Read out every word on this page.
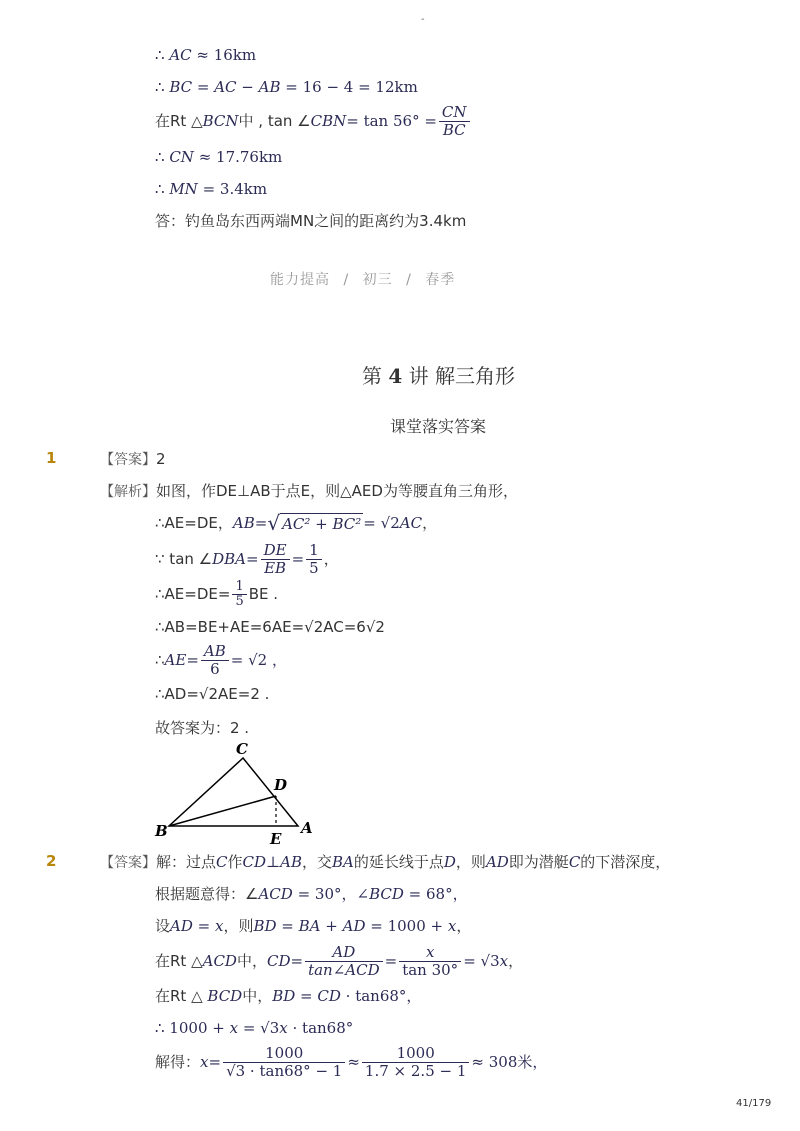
-
∴ AC ≈ 16km
∴ BC = AC − AB = 16 − 4 = 12km
在Rt △ BCN 中 , tan ∠ CBN = $\tan 56^\circ = \frac{CN}{BC}$
∴ CN ≈ 17.76km
∴ MN = 3.4km
答：钓鱼岛东西两端MN之间的距离约为3.4km
能力提高 / 初三 / 春季
第 4 讲 解三角形
课堂落实答案
1	【答案】2
【解析】如图，作DE⊥AB于点E，则△AED为等腰直角三角形，
∴AE=DE， AB = √ AC² + BC² = √2 AC ，
∵ tan ∠ DBA = $\frac{DE}{EB} = \frac{1}{5}$ ，
∴AE=DE= $\frac{1}{5}$ BE .
∴AB=BE+AE=6AE=√2AC=6√2
∴ AE = $\frac{AB}{6} = √2$ ，
∴AD=√2AE=2 .
故答案为：2 .
C
D
B	E
A
2	【答案】解：过点C作CD⊥AB，交BA的延长线于点D，则AD即为潜艇C的下潜深度，
根据题意得：∠ACD = 30°，∠BCD = 68°，
设AD = x，则BD = BA + AD = 1000 + x，
在Rt △ ACD 中， CD = $\frac{AD}{\text{tan∠ACD}} = \frac{x}{\tan 30^\circ} = √3$ x ，
在Rt △ BCD中，BD = CD · tan68°，
∴ 1000 + x = √3x · tan68°
解得： $x = \frac{1000}{√3 \cdot \tan 68^\circ - 1} \approx \frac{1000}{1.7 \times 2.5 - 1} \approx 308$米，
41/179
